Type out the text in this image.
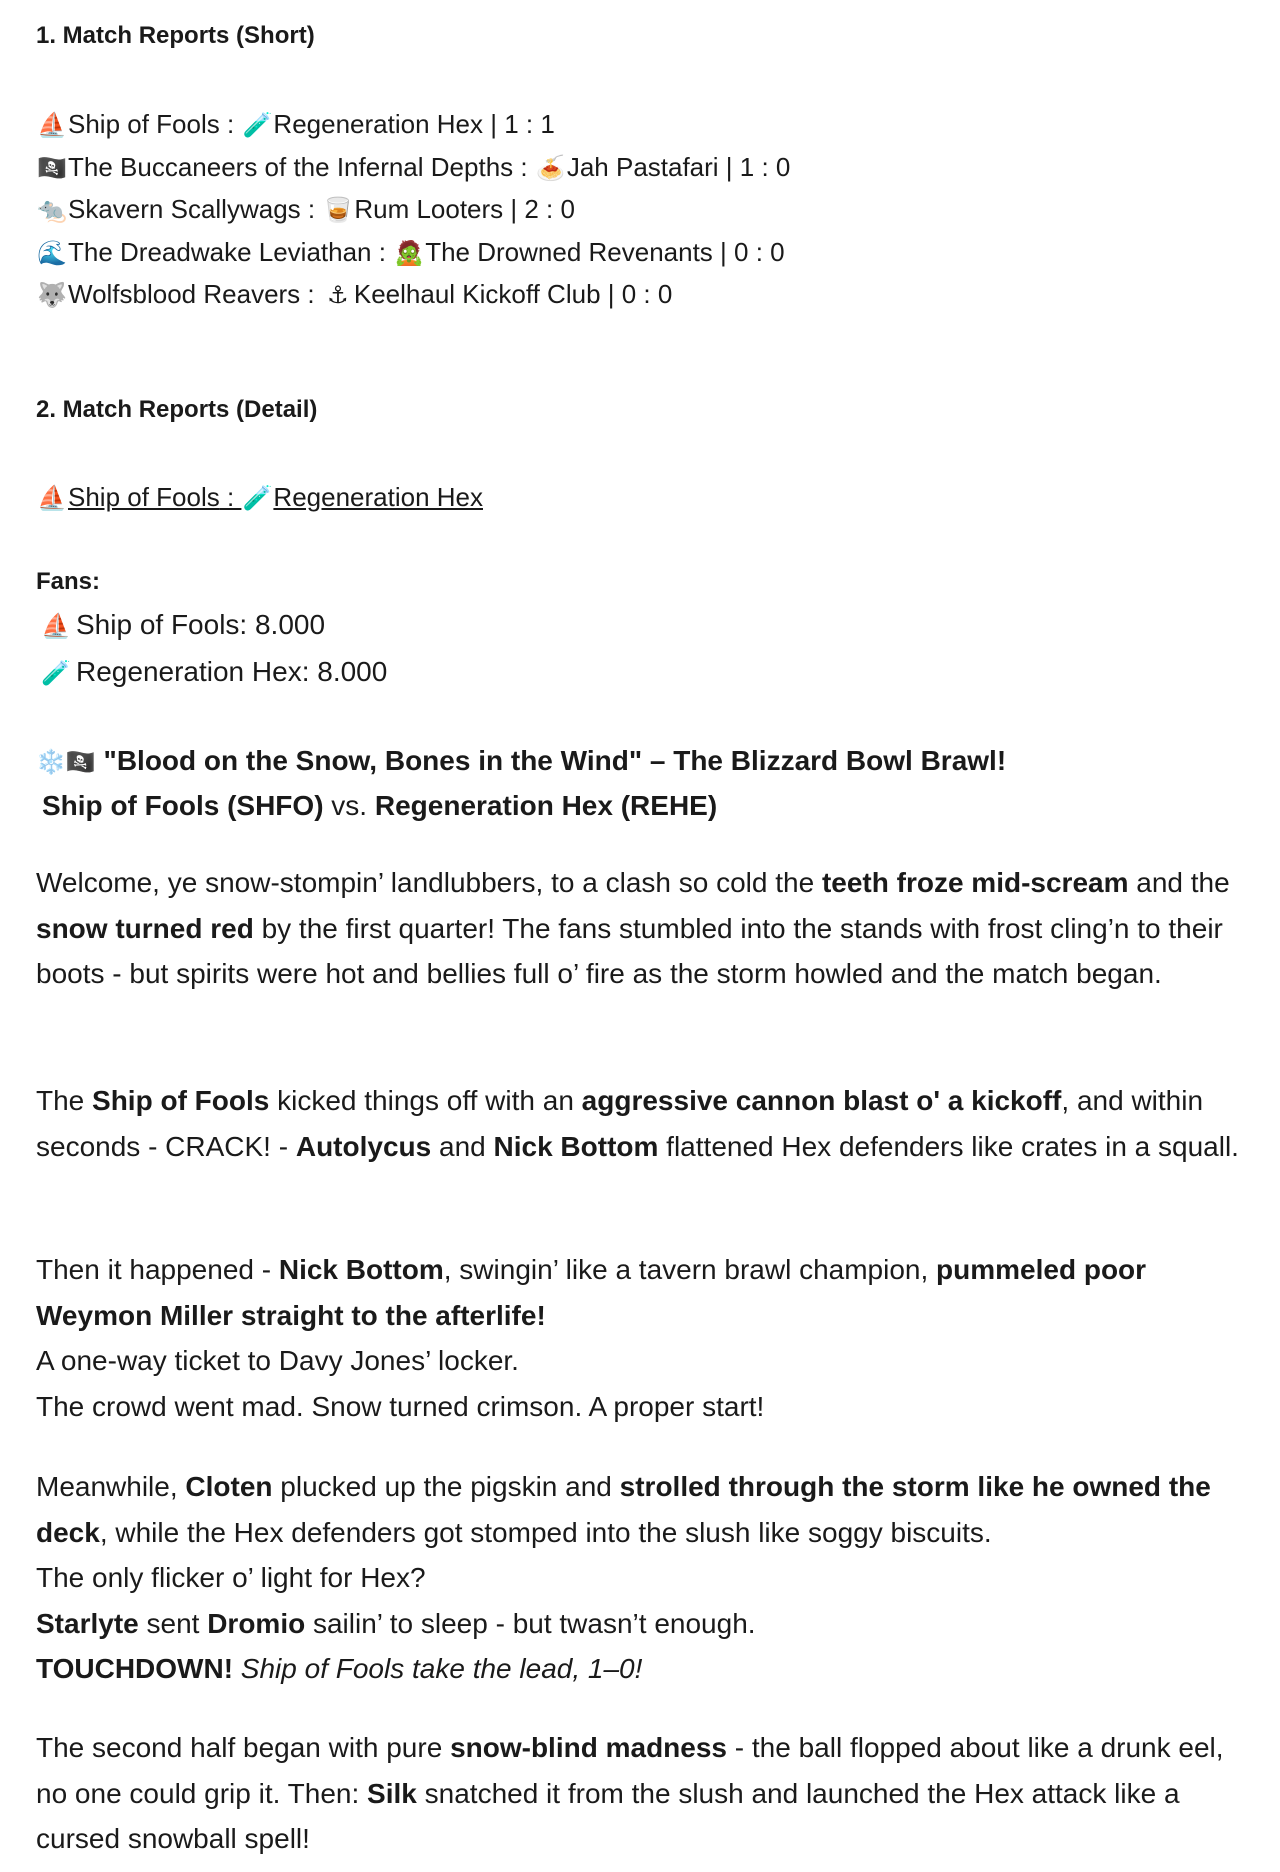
1. Match Reports (Short)
⛵Ship of Fools : 🧪Regeneration Hex | 1 : 1
🏴‍☠️The Buccaneers of the Infernal Depths : 🍝Jah Pastafari | 1 : 0
🐀Skavern Scallywags : 🥃Rum Looters | 2 : 0
🌊The Dreadwake Leviathan : 🧟The Drowned Revenants | 0 : 0
🐺Wolfsblood Reavers : ⚓ Keelhaul Kickoff Club | 0 : 0
2. Match Reports (Detail)
⛵Ship of Fools : 🧪Regeneration Hex
Fans:
⛵ Ship of Fools: 8.000
🧪 Regeneration Hex: 8.000
❄️🏴‍☠️ "Blood on the Snow, Bones in the Wind" – The Blizzard Bowl Brawl!
Ship of Fools (SHFO) vs. Regeneration Hex (REHE)
Welcome, ye snow-stompin’ landlubbers, to a clash so cold the teeth froze mid-scream and the snow turned red by the first quarter! The fans stumbled into the stands with frost cling’n to their boots - but spirits were hot and bellies full o’ fire as the storm howled and the match began.
The Ship of Fools kicked things off with an aggressive cannon blast o' a kickoff, and within seconds - CRACK! - Autolycus and Nick Bottom flattened Hex defenders like crates in a squall.
Then it happened - Nick Bottom, swingin’ like a tavern brawl champion, pummeled poor Weymon Miller straight to the afterlife!
A one-way ticket to Davy Jones’ locker.
The crowd went mad. Snow turned crimson. A proper start!
Meanwhile, Cloten plucked up the pigskin and strolled through the storm like he owned the deck, while the Hex defenders got stomped into the slush like soggy biscuits.
The only flicker o’ light for Hex?
Starlyte sent Dromio sailin’ to sleep - but twasn’t enough.
TOUCHDOWN! Ship of Fools take the lead, 1–0!
The second half began with pure snow-blind madness - the ball flopped about like a drunk eel, no one could grip it. Then: Silk snatched it from the slush and launched the Hex attack like a cursed snowball spell!
